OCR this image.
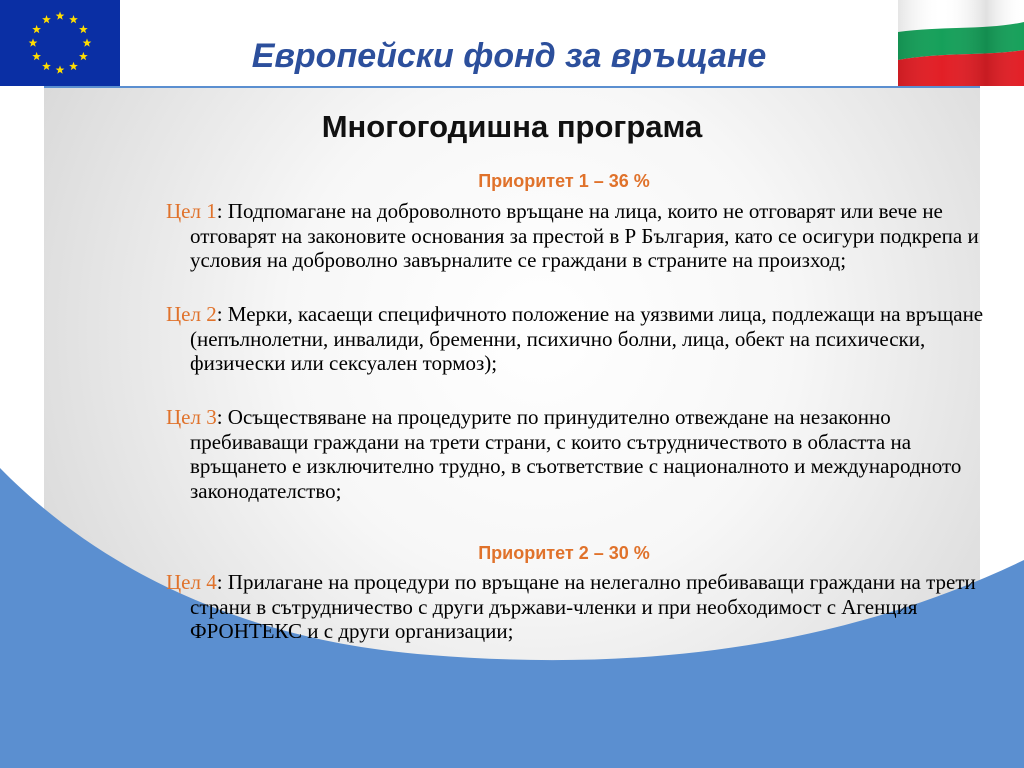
Европейски фонд за връщане
Многогодишна програма
Приоритет 1 – 36 %

Цел 1: Подпомагане на доброволното връщане на лица, които не отговарят или вече не отговарят на законовите основания за престой в Р България, като се осигури подкрепа и условия на доброволно завърналите се граждани в страните на произход;

Цел 2: Мерки, касаещи специфичното положение на уязвими лица, подлежащи на връщане (непълнолетни, инвалиди, бременни, психично болни, лица, обект на психически, физически или сексуален тормоз);

Цел 3: Осъществяване на процедурите по принудително отвеждане на незаконно пребиваващи граждани на трети страни, с които сътрудничеството в областта на връщането е изключително трудно, в съответствие с националното и международното законодателство;

Приоритет 2 – 30 %

Цел 4: Прилагане на процедури по връщане на нелегално пребиваващи граждани на трети страни в сътрудничество с други държави-членки и при необходимост с Агенция ФРОНТЕКС и с други организации;
